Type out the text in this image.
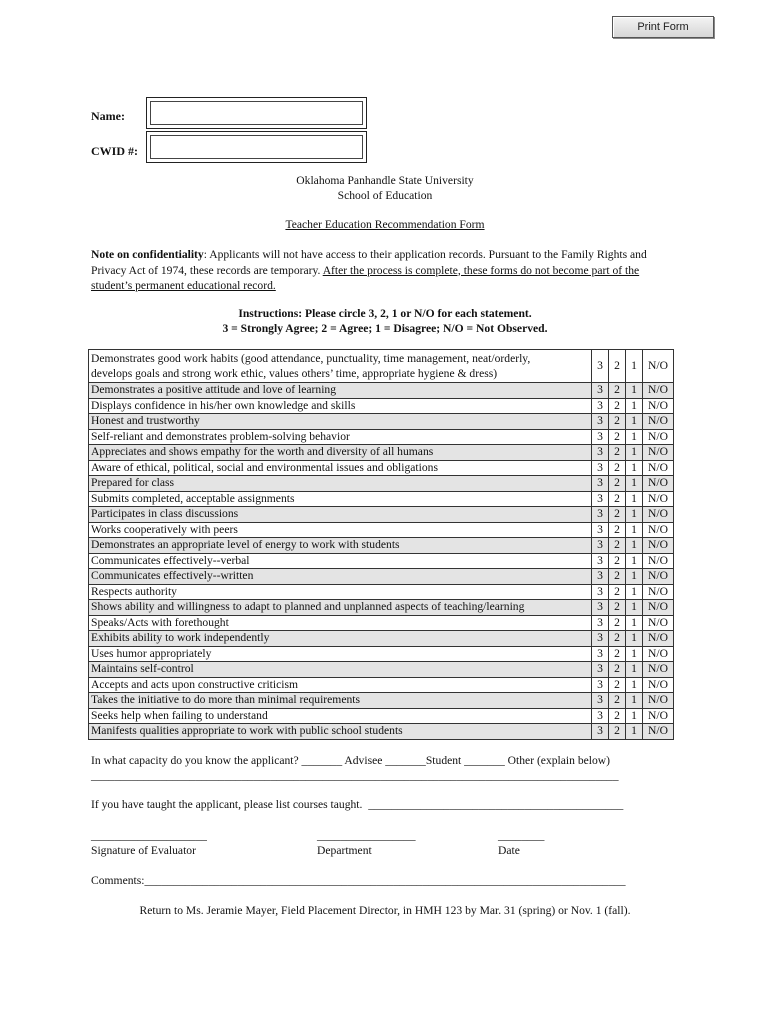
Print Form
Name:
CWID #:
Oklahoma Panhandle State University
School of Education
Teacher Education Recommendation Form
Note on confidentiality: Applicants will not have access to their application records. Pursuant to the Family Rights and Privacy Act of 1974, these records are temporary. After the process is complete, these forms do not become part of the student’s permanent educational record.
Instructions: Please circle 3, 2, 1 or N/O for each statement.
3 = Strongly Agree; 2 = Agree; 1 = Disagree; N/O = Not Observed.
Demonstrates good work habits (good attendance, punctuality, time management, neat/orderly,
develops goals and strong work ethic, values others’ time, appropriate hygiene & dress)	3	2	1	N/O
Demonstrates a positive attitude and love of learning	3	2	1	N/O
Displays confidence in his/her own knowledge and skills	3	2	1	N/O
Honest and trustworthy	3	2	1	N/O
Self-reliant and demonstrates problem-solving behavior	3	2	1	N/O
Appreciates and shows empathy for the worth and diversity of all humans	3	2	1	N/O
Aware of ethical, political, social and environmental issues and obligations	3	2	1	N/O
Prepared for class	3	2	1	N/O
Submits completed, acceptable assignments	3	2	1	N/O
Participates in class discussions	3	2	1	N/O
Works cooperatively with peers	3	2	1	N/O
Demonstrates an appropriate level of energy to work with students	3	2	1	N/O
Communicates effectively--verbal	3	2	1	N/O
Communicates effectively--written	3	2	1	N/O
Respects authority	3	2	1	N/O
Shows ability and willingness to adapt to planned and unplanned aspects of teaching/learning	3	2	1	N/O
Speaks/Acts with forethought	3	2	1	N/O
Exhibits ability to work independently	3	2	1	N/O
Uses humor appropriately	3	2	1	N/O
Maintains self-control	3	2	1	N/O
Accepts and acts upon constructive criticism	3	2	1	N/O
Takes the initiative to do more than minimal requirements	3	2	1	N/O
Seeks help when failing to understand	3	2	1	N/O
Manifests qualities appropriate to work with public school students	3	2	1	N/O
In what capacity do you know the applicant? _______ Advisee _______Student _______ Other (explain below)
___________________________________________________________________________________________
If you have taught the applicant, please list courses taught.  ____________________________________________
____________________
Signature of Evaluator
_________________
Department
________
Date
Comments:___________________________________________________________________________________
Return to Ms. Jeramie Mayer, Field Placement Director, in HMH 123 by Mar. 31 (spring) or Nov. 1 (fall).
